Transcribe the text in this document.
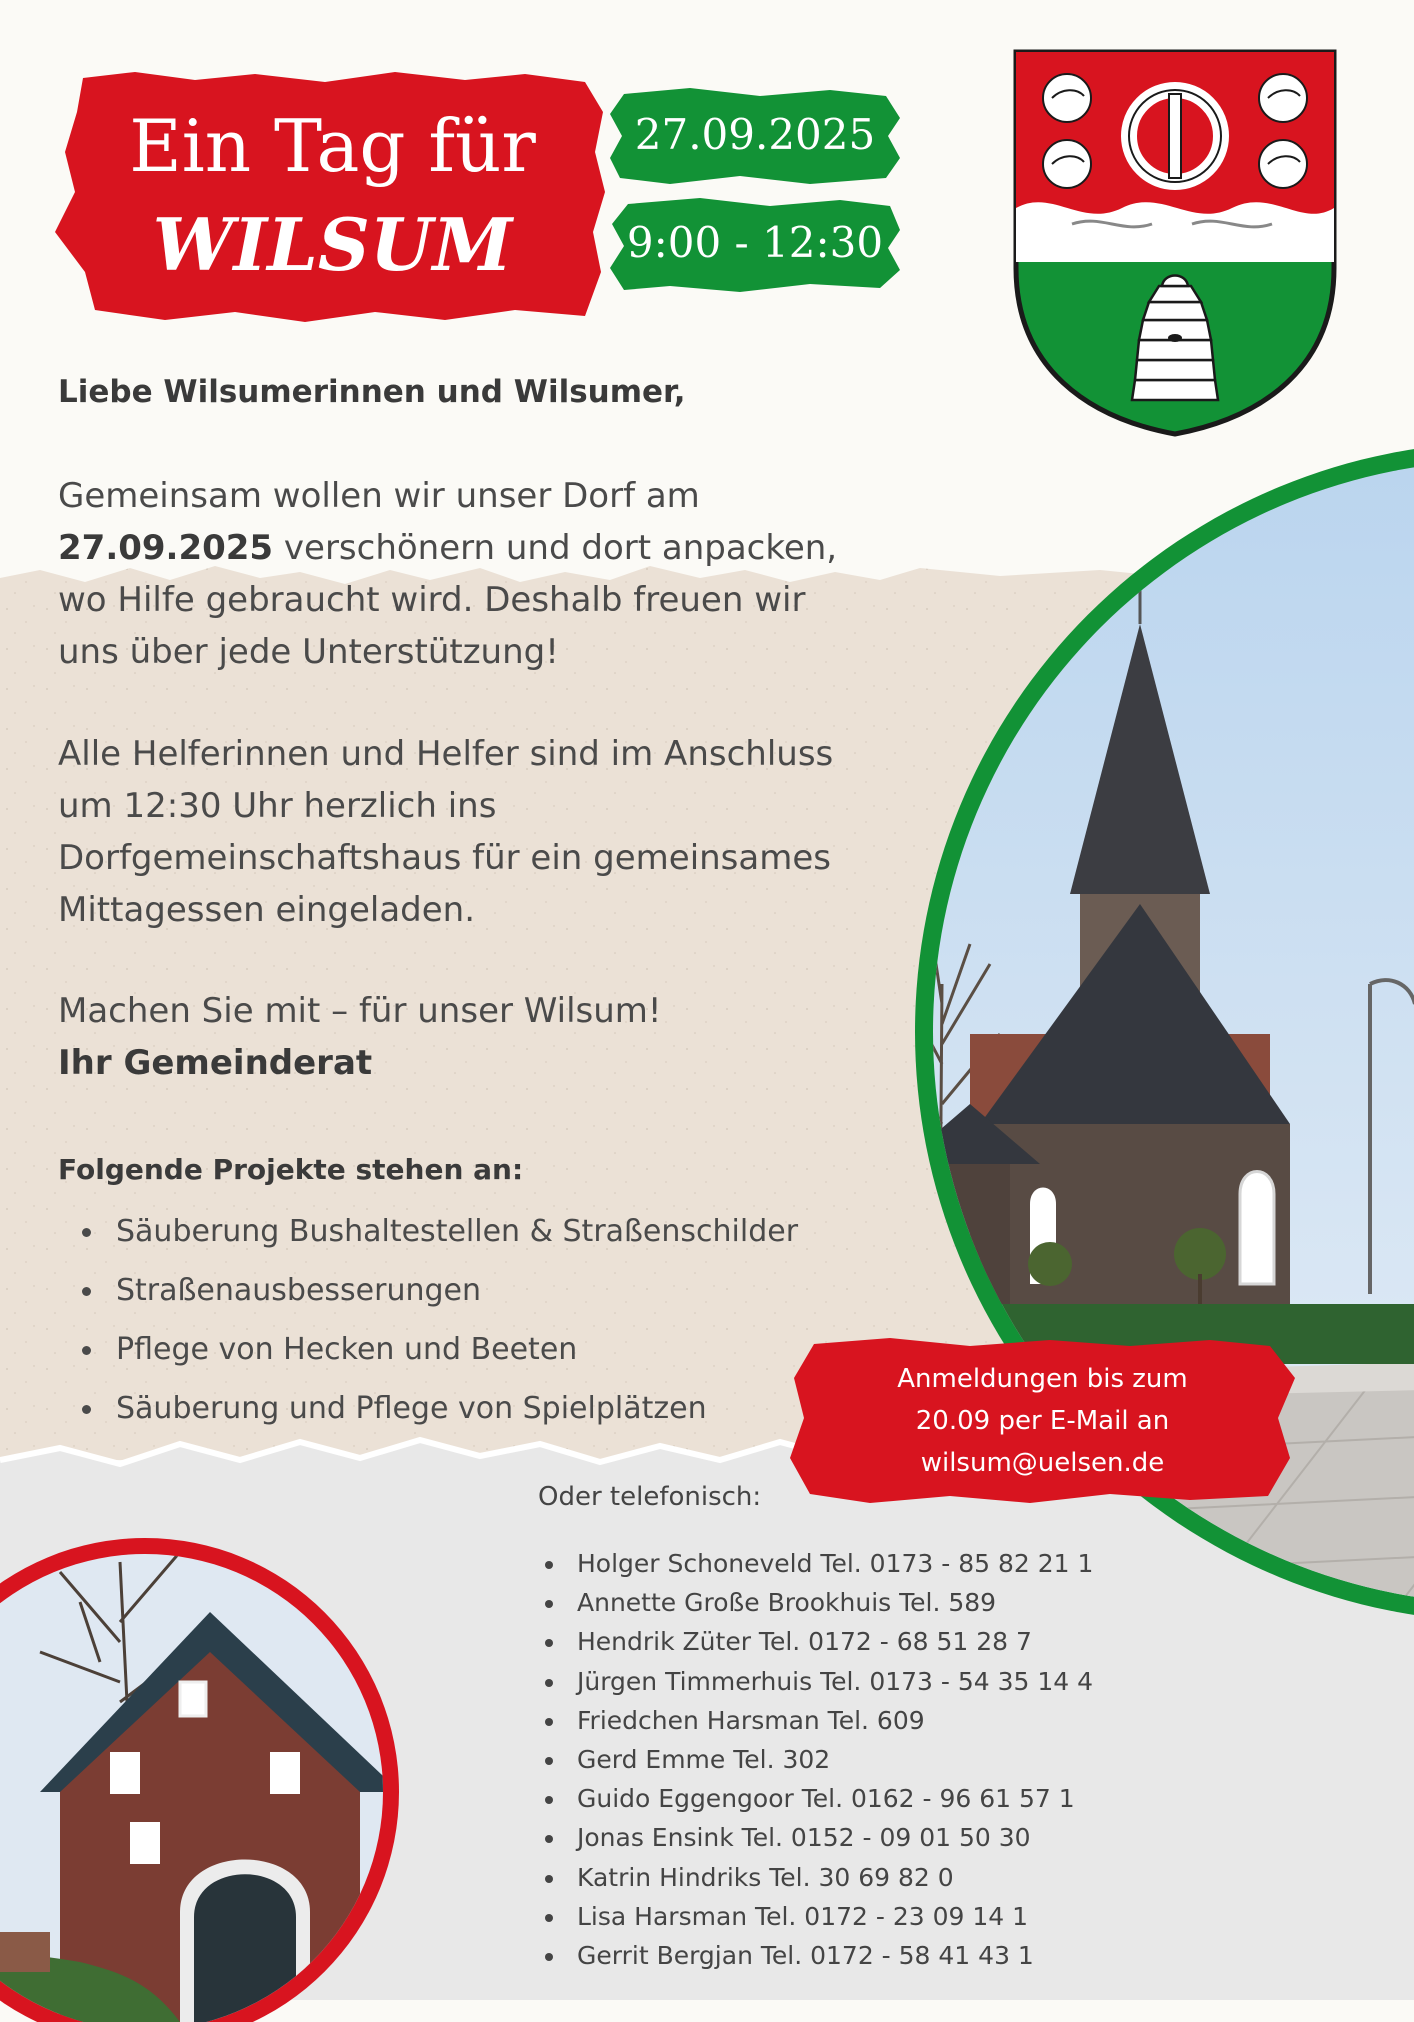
Ein Tag für
WILSUM
27.09.2025
9:00 - 12:30
Liebe Wilsumerinnen und Wilsumer,
Gemeinsam wollen wir unser Dorf am 27.09.2025 verschönern und dort anpacken, wo Hilfe gebraucht wird. Deshalb freuen wir uns über jede Unterstützung!
Alle Helferinnen und Helfer sind im Anschluss um 12:30 Uhr herzlich ins Dorfgemeinschaftshaus für ein gemeinsames Mittagessen eingeladen.
Machen Sie mit – für unser Wilsum!
Ihr Gemeinderat
Folgende Projekte stehen an:
Säuberung Bushaltestellen & Straßenschilder
Straßenausbesserungen
Pflege von Hecken und Beeten
Säuberung und Pflege von Spielplätzen
Anmeldungen bis zum
20.09 per E-Mail an
wilsum@uelsen.de
Oder telefonisch:
Holger Schoneveld Tel. 0173 - 85 82 21 1
Annette Große Brookhuis Tel. 589
Hendrik Züter Tel. 0172 - 68 51 28 7
Jürgen Timmerhuis Tel. 0173 - 54 35 14 4
Friedchen Harsman Tel. 609
Gerd Emme Tel. 302
Guido Eggengoor Tel. 0162 - 96 61 57 1
Jonas Ensink Tel. 0152 - 09 01 50 30
Katrin Hindriks Tel. 30 69 82 0
Lisa Harsman Tel. 0172 - 23 09 14 1
Gerrit Bergjan Tel. 0172 - 58 41 43 1
